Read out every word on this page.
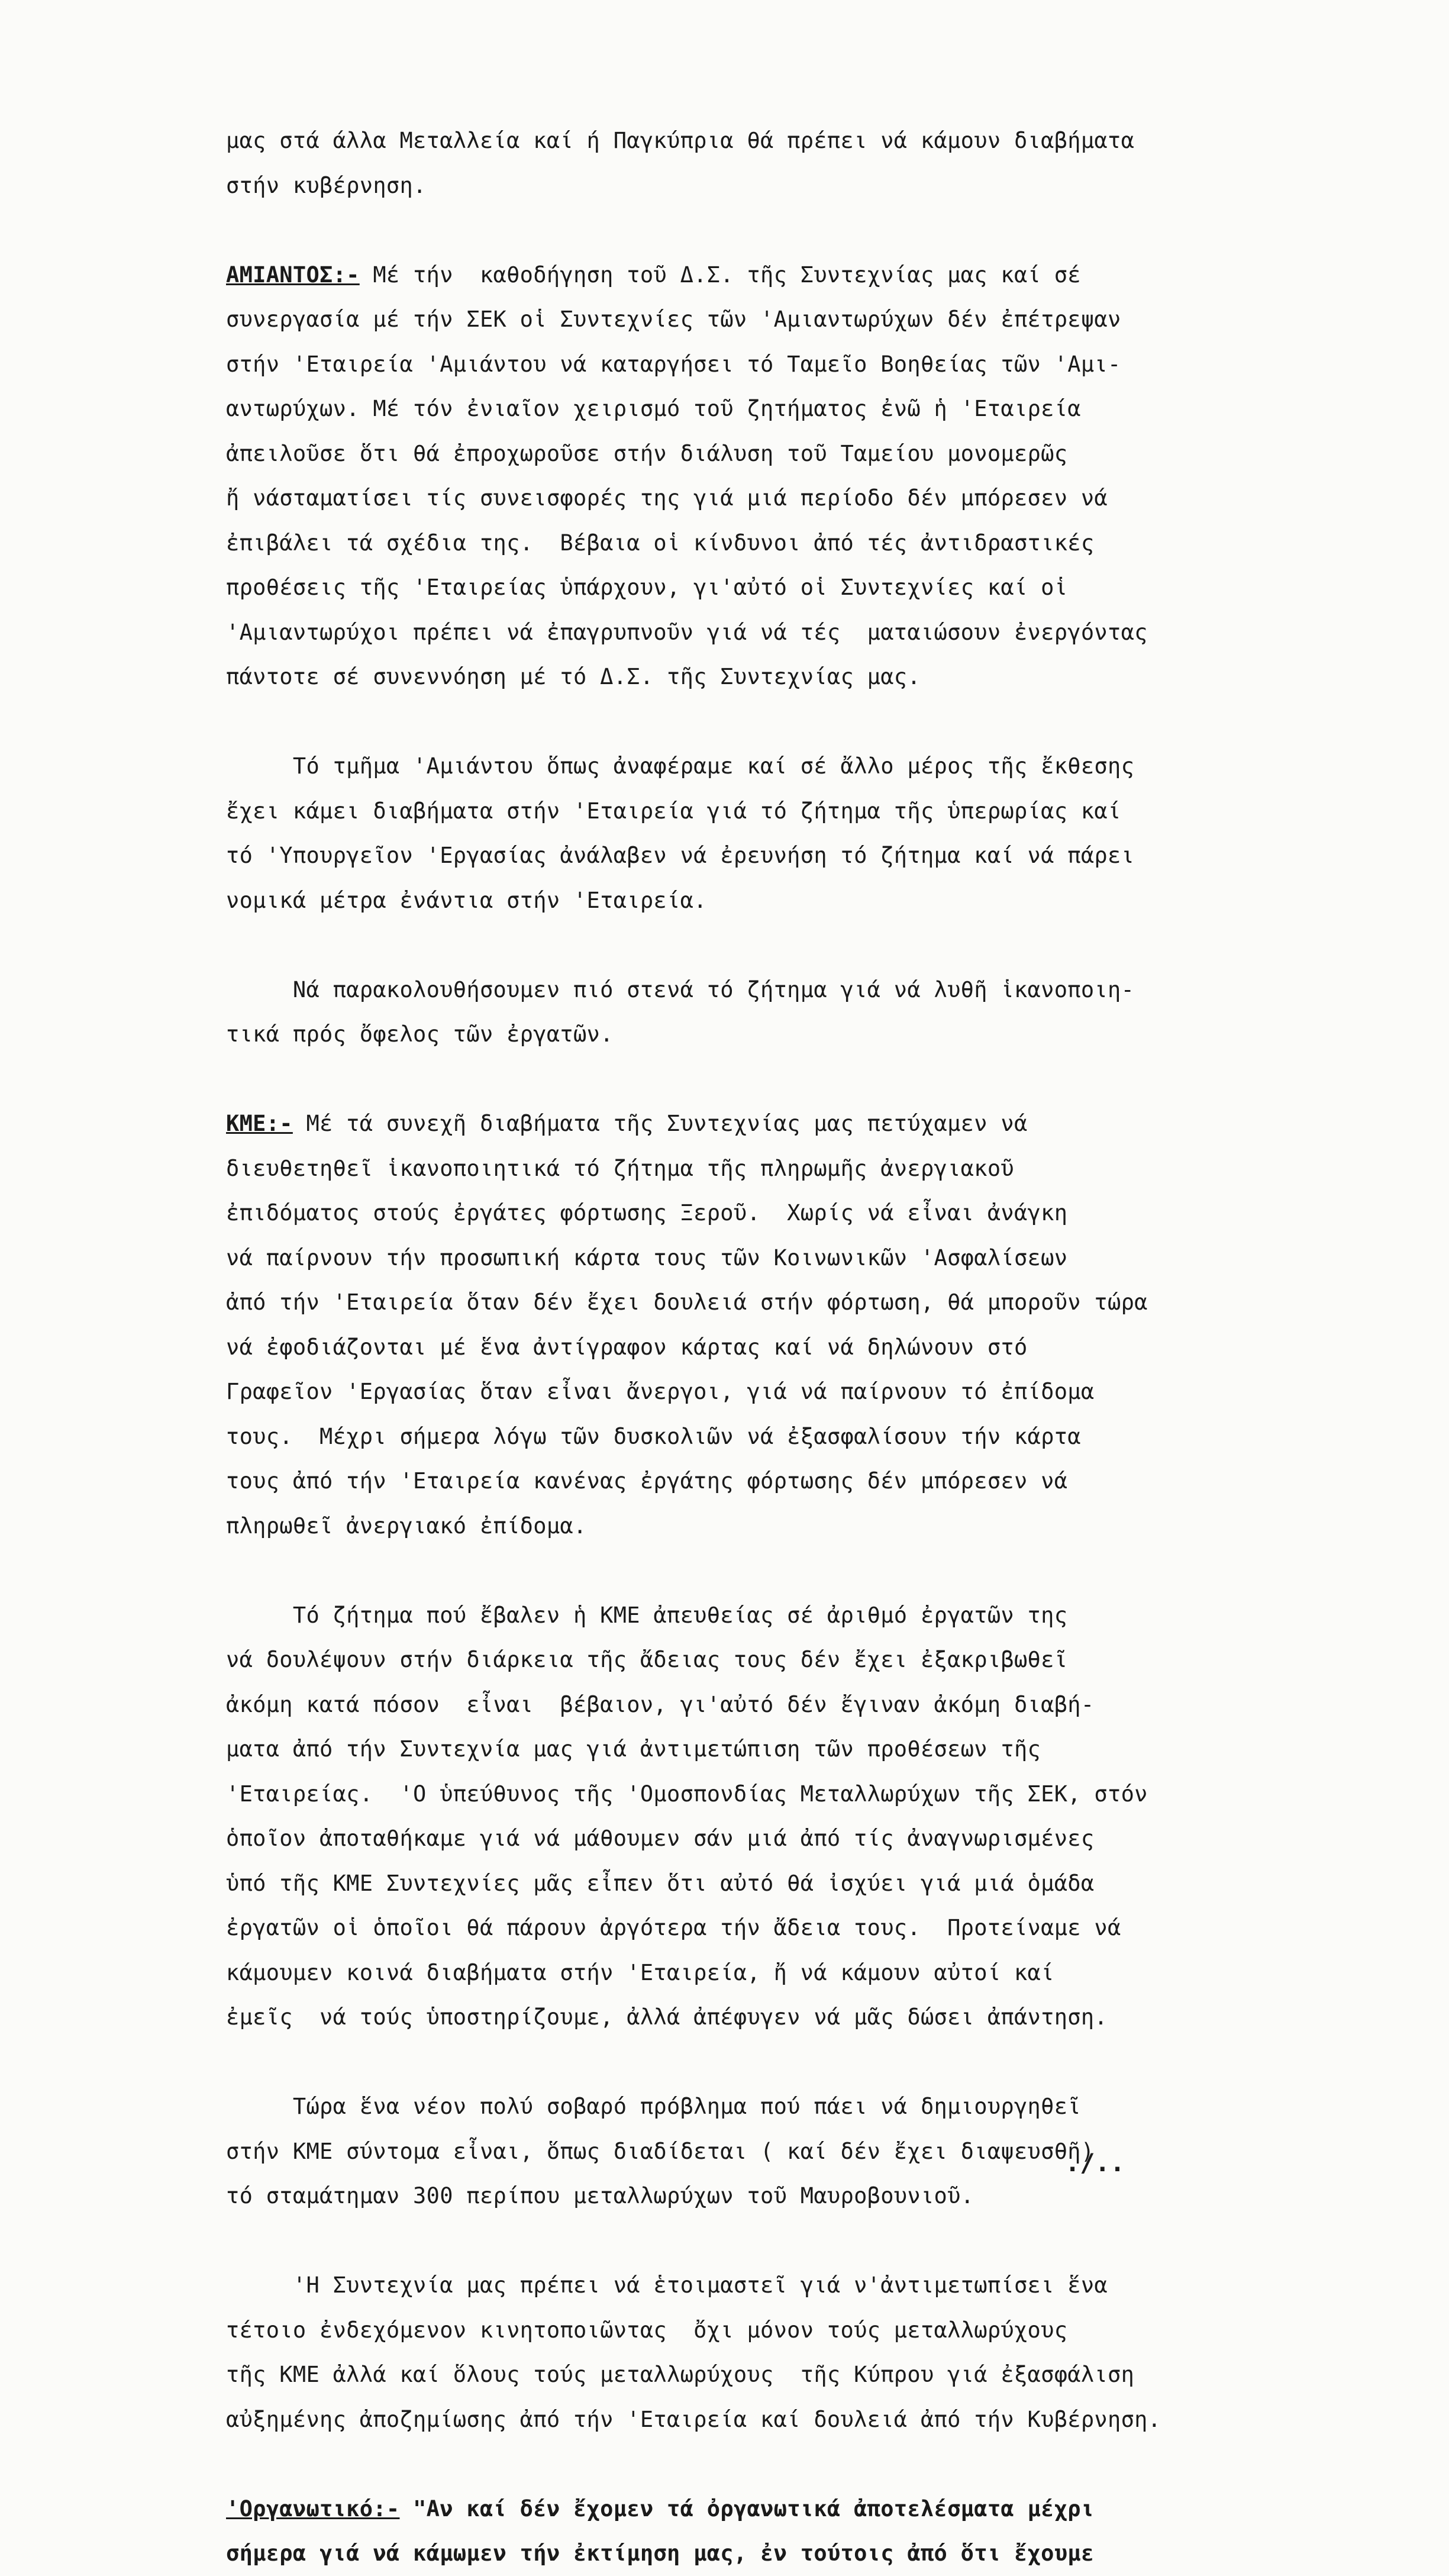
μας στά άλλα Μεταλλεία καί ή Παγκύπρια θά πρέπει νά κάμουν διαβήματα
στήν κυβέρνηση.
ΑΜΙΑΝΤΟΣ:- Μέ τήν  καθοδήγηση τοῦ Δ.Σ. τῆς Συντεχνίας μας καί σέ
συνεργασία μέ τήν ΣΕΚ οἱ Συντεχνίες τῶν 'Αμιαντωρύχων δέν ἐπέτρεψαν
στήν 'Εταιρεία 'Αμιάντου νά καταργήσει τό Ταμεῖο Βοηθείας τῶν 'Αμι-
αντωρύχων. Μέ τόν ἐνιαῖον χειρισμό τοῦ ζητήματος ἐνῶ ἡ 'Εταιρεία
ἀπειλοῦσε ὅτι θά ἐπροχωροῦσε στήν διάλυση τοῦ Ταμείου μονομερῶς
ἤ νάσταματίσει τίς συνεισφορές της γιά μιά περίοδο δέν μπόρεσεν νά
ἐπιβάλει τά σχέδια της.  Βέβαια οἱ κίνδυνοι ἀπό τές ἀντιδραστικές
προθέσεις τῆς 'Εταιρείας ὑπάρχουν, γι'αὐτό οἱ Συντεχνίες καί οἱ
'Αμιαντωρύχοι πρέπει νά ἐπαγρυπνοῦν γιά νά τές  ματαιώσουν ἐνεργόντας
πάντοτε σέ συνεννόηση μέ τό Δ.Σ. τῆς Συντεχνίας μας.
Τό τμῆμα 'Αμιάντου ὅπως ἀναφέραμε καί σέ ἄλλο μέρος τῆς ἔκθεσης
ἔχει κάμει διαβήματα στήν 'Εταιρεία γιά τό ζήτημα τῆς ὑπερωρίας καί
τό 'Υπουργεῖον 'Εργασίας ἀνάλαβεν νά ἐρευνήση τό ζήτημα καί νά πάρει
νομικά μέτρα ἐνάντια στήν 'Εταιρεία.
Νά παρακολουθήσουμεν πιό στενά τό ζήτημα γιά νά λυθῆ ἱκανοποιη-
τικά πρός ὄφελος τῶν ἐργατῶν.
ΚΜΕ:- Μέ τά συνεχῆ διαβήματα τῆς Συντεχνίας μας πετύχαμεν νά
διευθετηθεῖ ἱκανοποιητικά τό ζήτημα τῆς πληρωμῆς ἀνεργιακοῦ
ἐπιδόματος στούς ἐργάτες φόρτωσης Ξεροῦ.  Χωρίς νά εἶναι ἀνάγκη
νά παίρνουν τήν προσωπική κάρτα τους τῶν Κοινωνικῶν 'Ασφαλίσεων
ἀπό τήν 'Εταιρεία ὅταν δέν ἔχει δουλειά στήν φόρτωση, θά μποροῦν τώρα
νά ἐφοδιάζονται μέ ἕνα ἀντίγραφον κάρτας καί νά δηλώνουν στό
Γραφεῖον 'Εργασίας ὅταν εἶναι ἄνεργοι, γιά νά παίρνουν τό ἐπίδομα
τους.  Μέχρι σήμερα λόγω τῶν δυσκολιῶν νά ἐξασφαλίσουν τήν κάρτα
τους ἀπό τήν 'Εταιρεία κανένας ἐργάτης φόρτωσης δέν μπόρεσεν νά
πληρωθεῖ ἀνεργιακό ἐπίδομα.
Τό ζήτημα πού ἔβαλεν ἡ ΚΜΕ ἀπευθείας σέ ἀριθμό ἐργατῶν της
νά δουλέψουν στήν διάρκεια τῆς ἄδειας τους δέν ἔχει ἐξακριβωθεῖ
ἀκόμη κατά πόσον  εἶναι  βέβαιον, γι'αὐτό δέν ἔγιναν ἀκόμη διαβή-
ματα ἀπό τήν Συντεχνία μας γιά ἀντιμετώπιση τῶν προθέσεων τῆς
'Εταιρείας.  'Ο ὑπεύθυνος τῆς 'Ομοσπονδίας Μεταλλωρύχων τῆς ΣΕΚ, στόν
ὁποῖον ἀποταθήκαμε γιά νά μάθουμεν σάν μιά ἀπό τίς ἀναγνωρισμένες
ὑπό τῆς ΚΜΕ Συντεχνίες μᾶς εἶπεν ὅτι αὐτό θά ἰσχύει γιά μιά ὁμάδα
ἐργατῶν οἱ ὁποῖοι θά πάρουν ἀργότερα τήν ἄδεια τους.  Προτείναμε νά
κάμουμεν κοινά διαβήματα στήν 'Εταιρεία, ἤ νά κάμουν αὐτοί καί
ἐμεῖς  νά τούς ὑποστηρίζουμε, ἀλλά ἀπέφυγεν νά μᾶς δώσει ἀπάντηση.
Τώρα ἕνα νέον πολύ σοβαρό πρόβλημα πού πάει νά δημιουργηθεῖ
στήν ΚΜΕ σύντομα εἶναι, ὅπως διαδίδεται ( καί δέν ἔχει διαψευσθῆ)
τό σταμάτημαν 300 περίπου μεταλλωρύχων τοῦ Μαυροβουνιοῦ.
'Η Συντεχνία μας πρέπει νά ἑτοιμαστεῖ γιά ν'ἀντιμετωπίσει ἕνα
τέτοιο ἐνδεχόμενον κινητοποιῶντας  ὄχι μόνον τούς μεταλλωρύχους
τῆς ΚΜΕ ἀλλά καί ὅλους τούς μεταλλωρύχους  τῆς Κύπρου γιά ἐξασφάλιση
αὐξημένης ἀποζημίωσης ἀπό τήν 'Εταιρεία καί δουλειά ἀπό τήν Κυβέρνηση.
'Οργανωτικό:- "Αν καί δέν ἔχομεν τά ὀργανωτικά ἀποτελέσματα μέχρι
σήμερα γιά νά κάμωμεν τήν ἐκτίμηση μας, ἐν τούτοις ἀπό ὅτι ἔχουμε
./..
